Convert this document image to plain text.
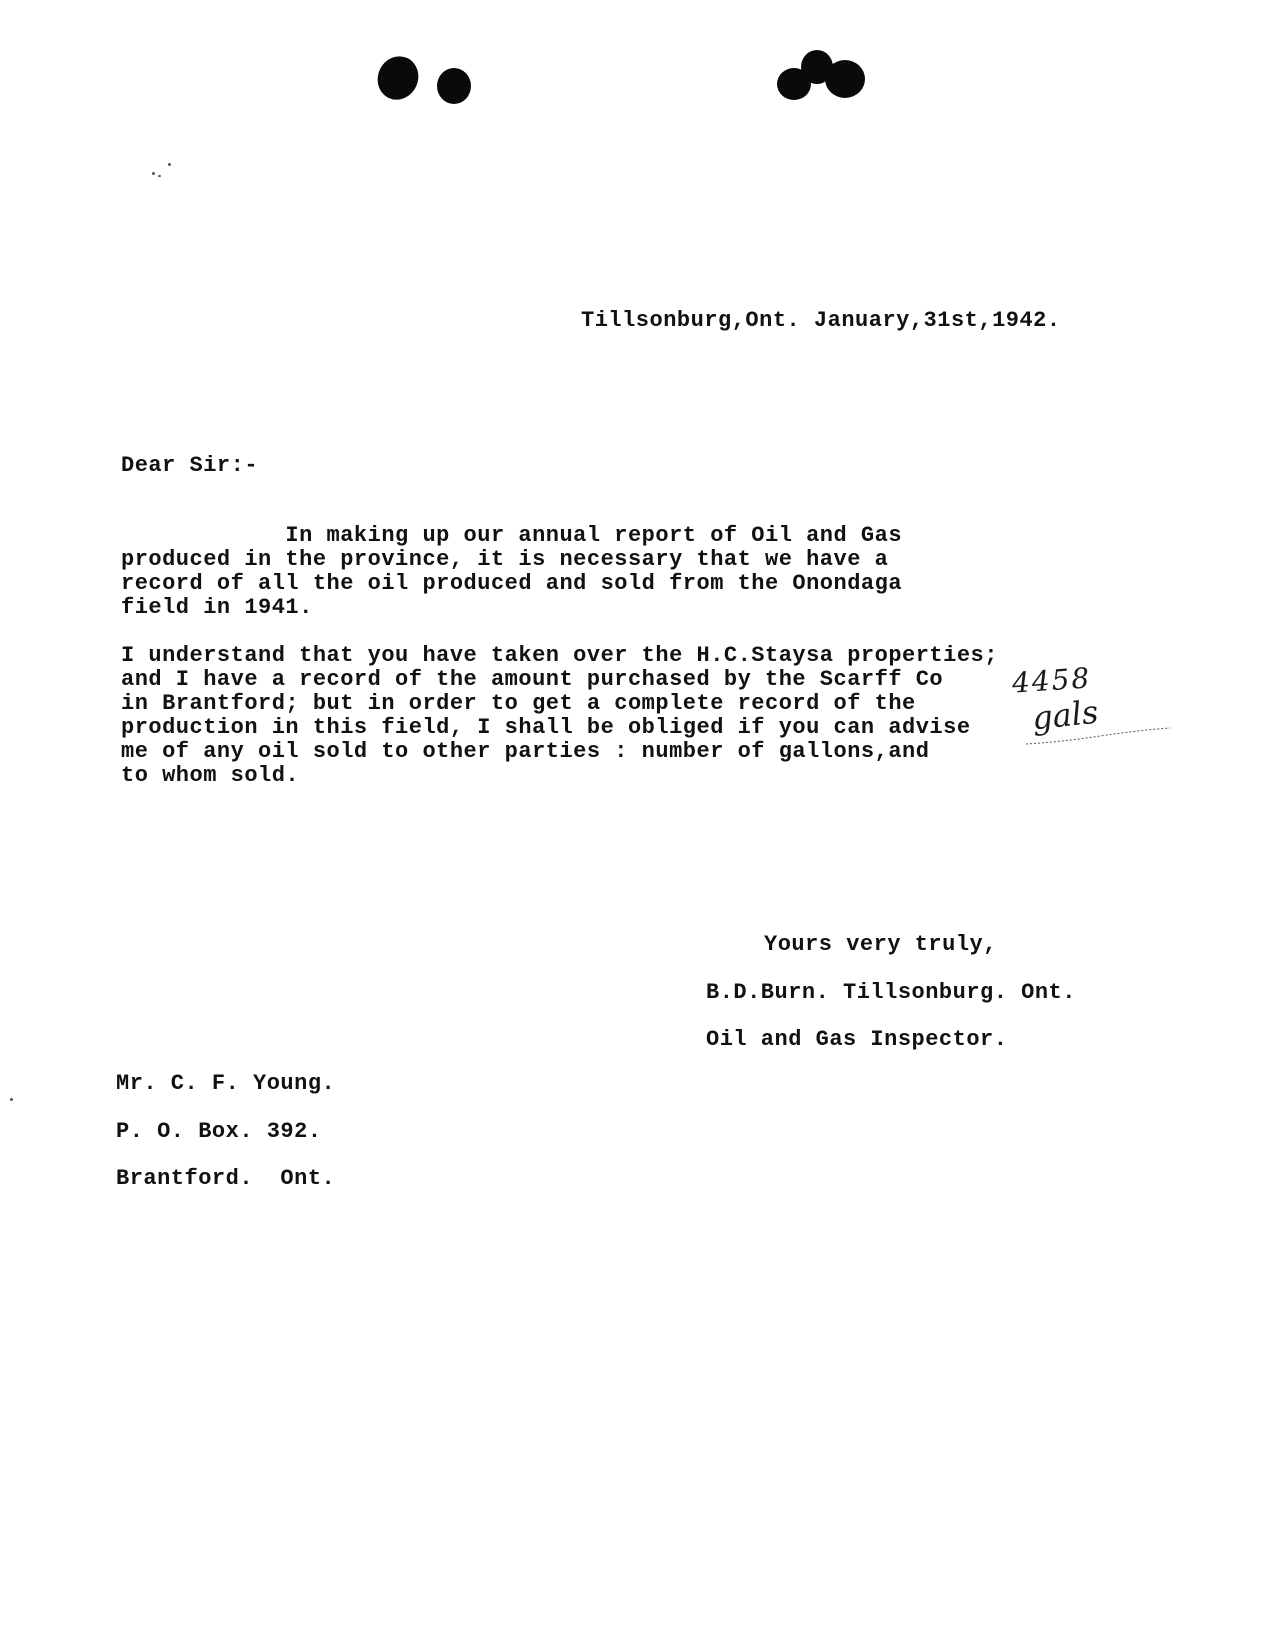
Tillsonburg,Ont. January,31st,1942.
Dear Sir:-
In making up our annual report of Oil and Gas
produced in the province, it is necessary that we have a
record of all the oil produced and sold from the Onondaga
field in 1941.
I understand that you have taken over the H.C.Staysa properties;
and I have a record of the amount purchased by the Scarff Co
in Brantford; but in order to get a complete record of the
production in this field, I shall be obliged if you can advise
me of any oil sold to other parties : number of gallons,and
to whom sold.
4458
gals
Yours very truly,
B.D.Burn. Tillsonburg. Ont.
Oil and Gas Inspector.
Mr. C. F. Young.
P. O. Box. 392.
Brantford.  Ont.
